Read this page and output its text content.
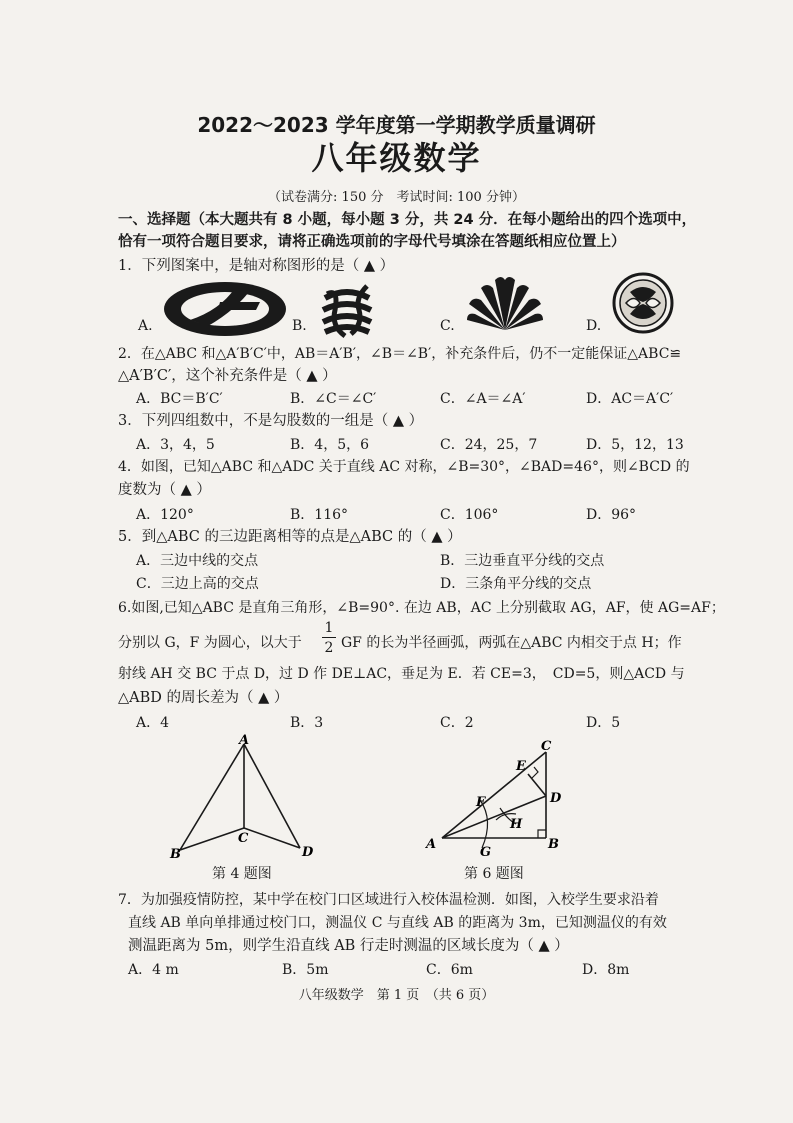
2022～2023 学年度第一学期教学质量调研
八年级数学
（试卷满分: 150 分　考试时间: 100 分钟）
一、选择题（本大题共有 8 小题，每小题 3 分，共 24 分．在每小题给出的四个选项中，
恰有一项符合题目要求，请将正确选项前的字母代号填涂在答题纸相应位置上）
1．下列图案中，是轴对称图形的是（ ▲ ）
A.	B.	C.	D.
2．在△ABC 和△A′B′C′中，AB＝A′B′，∠B＝∠B′，补充条件后，仍不一定能保证△ABC≌
△A′B′C′，这个补充条件是（ ▲ ）
A．BC＝B′C′	B．∠C＝∠C′	C．∠A＝∠A′	D．AC＝A′C′
3．下列四组数中，不是勾股数的一组是（ ▲ ）
A．3，4，5	B．4，5，6	C．24，25，7	D．5，12，13
4．如图，已知△ABC 和△ADC 关于直线 AC 对称，∠B=30°，∠BAD=46°，则∠BCD 的
度数为（ ▲ ）
A．120°	B．116°	C．106°	D．96°
5．到△ABC 的三边距离相等的点是△ABC 的（ ▲ ）
A．三边中线的交点	B．三边垂直平分线的交点
C．三边上高的交点	D．三条角平分线的交点
6.如图,已知△ABC 是直角三角形，∠B=90°. 在边 AB，AC 上分别截取 AG，AF，使 AG=AF；
分别以 G，F 为圆心，以大于
1
2 GF 的长为半径画弧，两弧在△ABC 内相交于点 H；作
射线 AH 交 BC 于点 D，过 D 作 DE⊥AC，垂足为 E．若 CE=3，　CD=5，则△ACD 与
△ABD 的周长差为（ ▲ ）
A．4	B．3	C．2	D．5
A
B
C
D
第 4 题图
C
E
D
F
H
A
G
B
第 6 题图
7．为加强疫情防控，某中学在校门口区域进行入校体温检测．如图，入校学生要求沿着
直线 AB 单向单排通过校门口，测温仪 C 与直线 AB 的距离为 3m，已知测温仪的有效
测温距离为 5m，则学生沿直线 AB 行走时测温的区域长度为（ ▲ ）
A．4 m	B．5m	C．6m	D．8m
八年级数学　第 1 页　（共 6 页）
